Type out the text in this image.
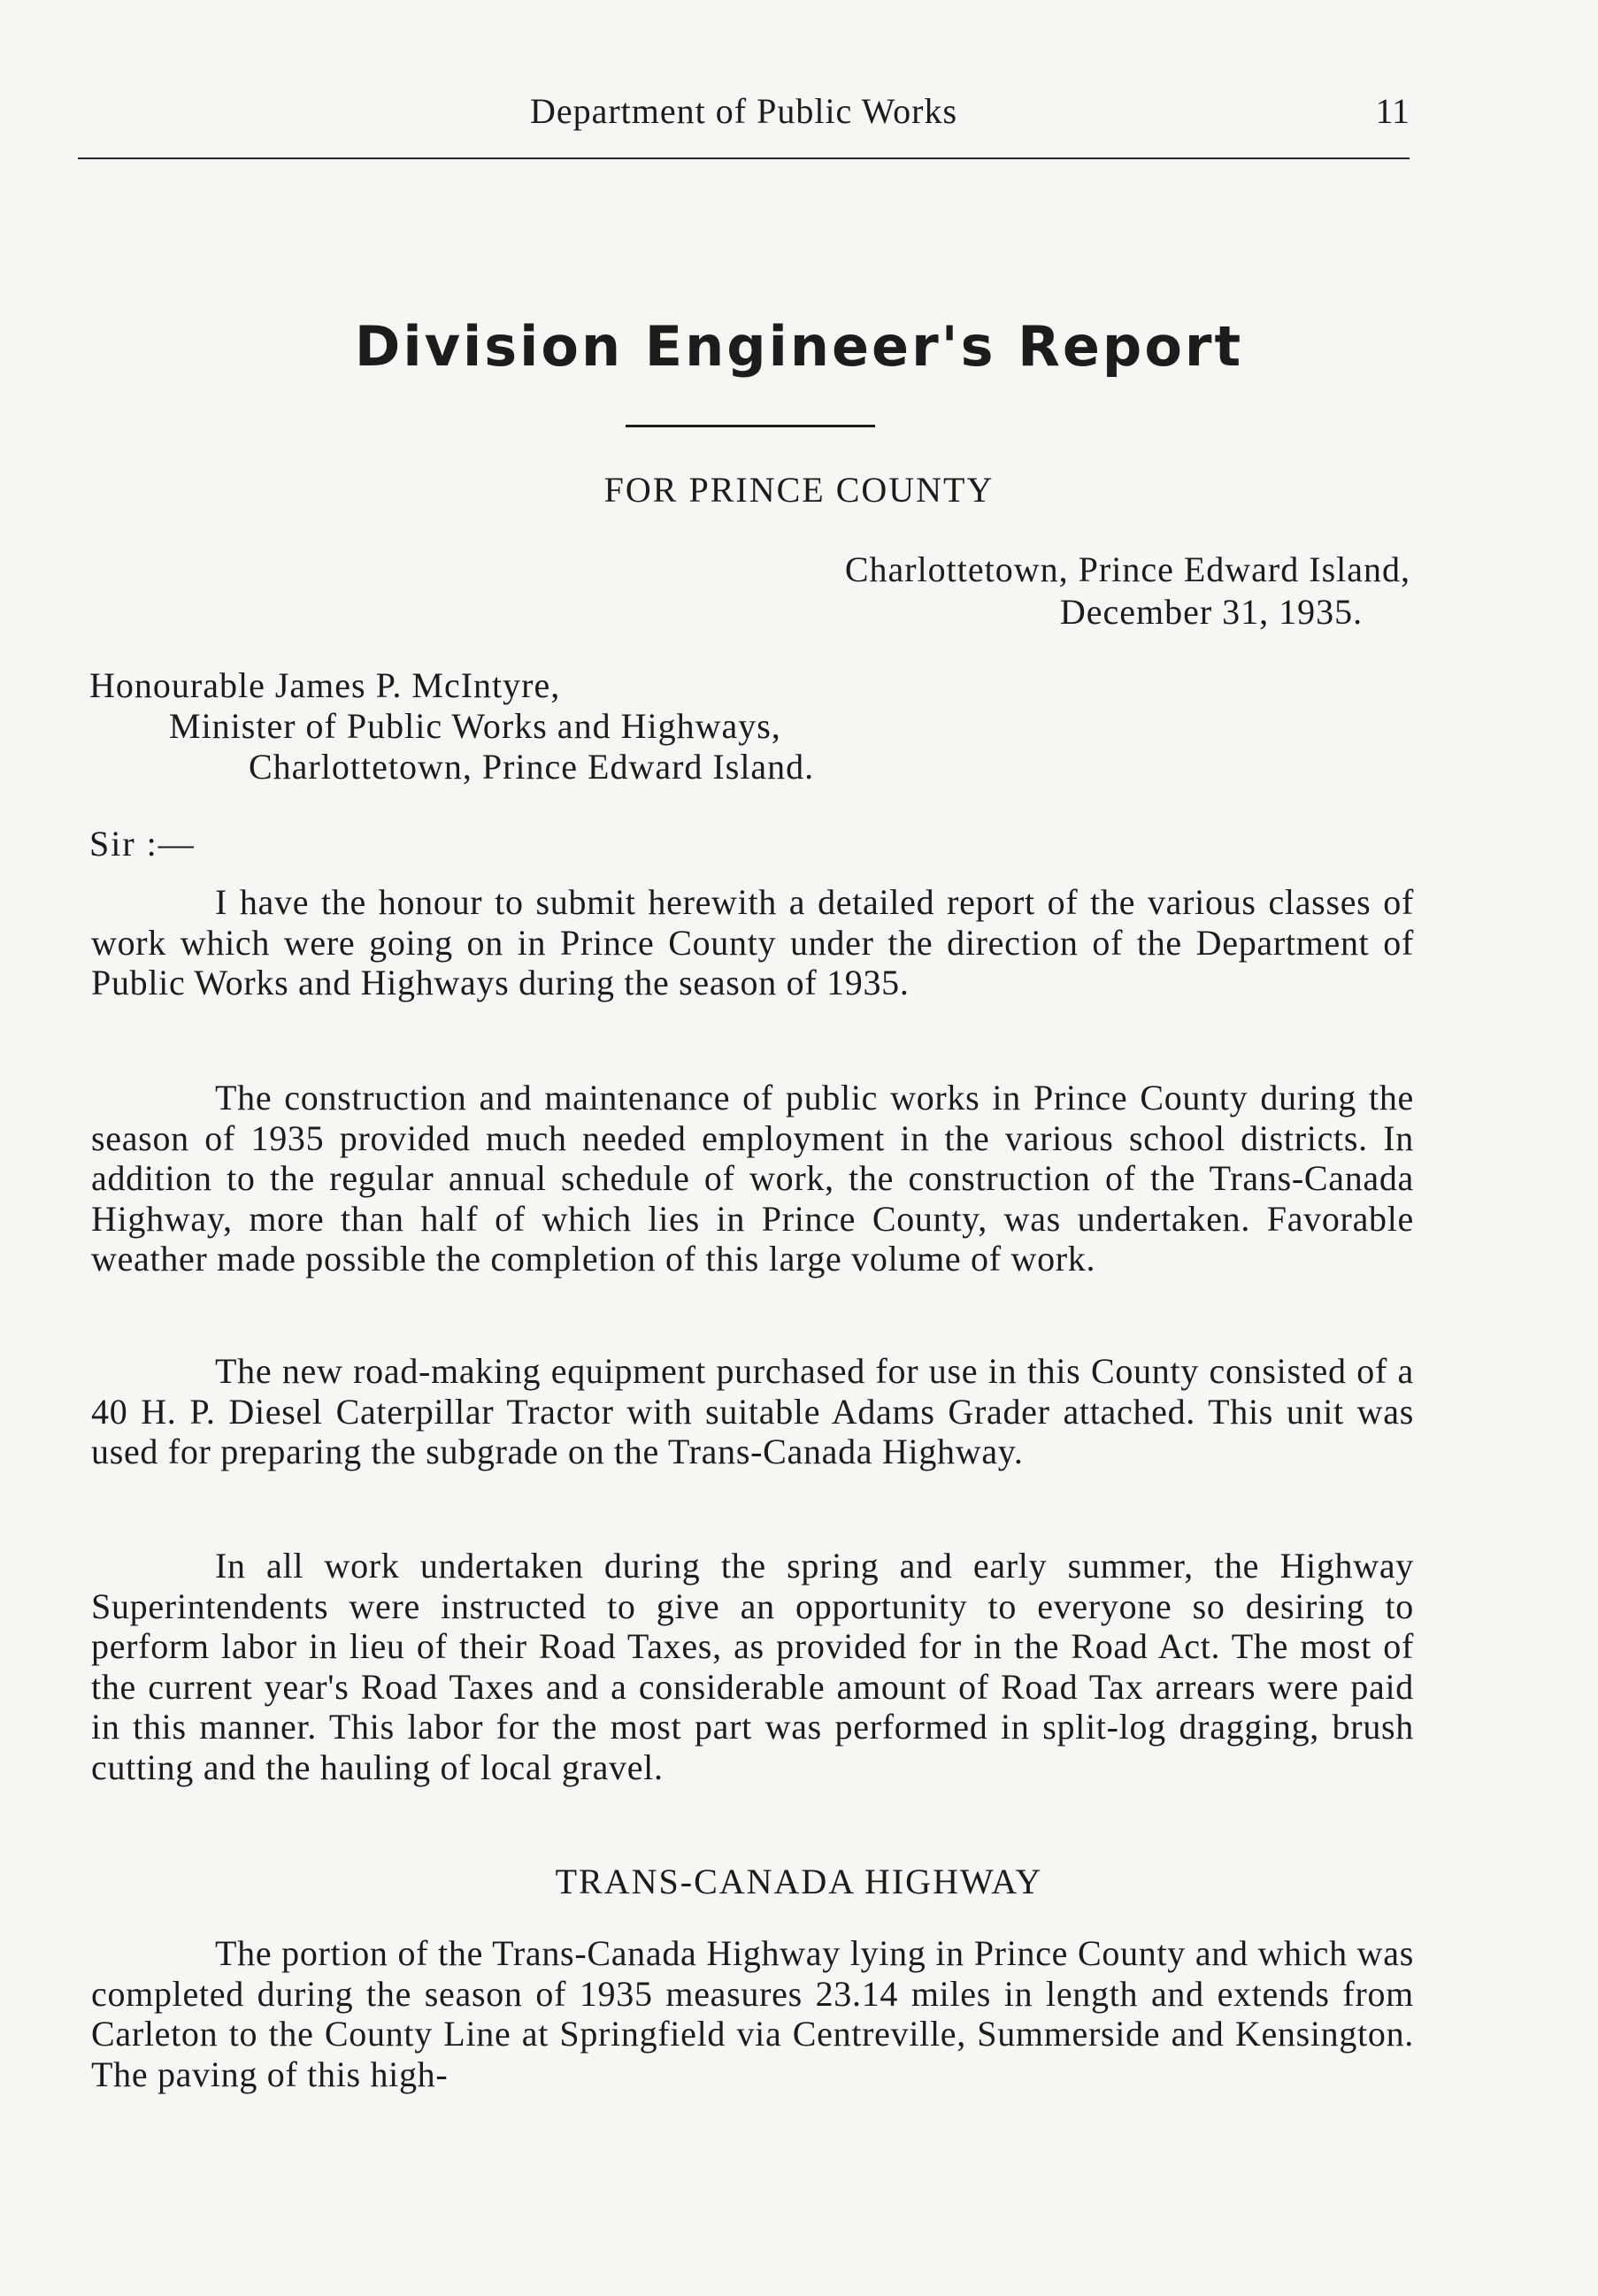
Department of Public Works	11
Division Engineer's Report
FOR PRINCE COUNTY
Charlottetown, Prince Edward Island,
December 31, 1935.
Honourable James P. McIntyre,
Minister of Public Works and Highways,
Charlottetown, Prince Edward Island.
Sir :—

I have the honour to submit herewith a detailed report of the various classes of work which were going on in Prince County under the direction of the Department of Public Works and Highways during the season of 1935.

The construction and maintenance of public works in Prince County during the season of 1935 provided much needed employment in the various school districts. In addition to the regular annual schedule of work, the construction of the Trans-Canada Highway, more than half of which lies in Prince County, was undertaken. Favorable weather made possible the completion of this large volume of work.

The new road-making equipment purchased for use in this County consisted of a 40 H. P. Diesel Caterpillar Tractor with suitable Adams Grader attached. This unit was used for preparing the subgrade on the Trans-Canada Highway.

In all work undertaken during the spring and early summer, the Highway Superintendents were instructed to give an opportunity to everyone so desiring to perform labor in lieu of their Road Taxes, as provided for in the Road Act. The most of the current year's Road Taxes and a considerable amount of Road Tax arrears were paid in this manner. This labor for the most part was performed in split-log dragging, brush cutting and the hauling of local gravel.

TRANS-CANADA HIGHWAY

The portion of the Trans-Canada Highway lying in Prince County and which was completed during the season of 1935 measures 23.14 miles in length and extends from Carleton to the County Line at Springfield via Centreville, Summerside and Kensington. The paving of this high-
